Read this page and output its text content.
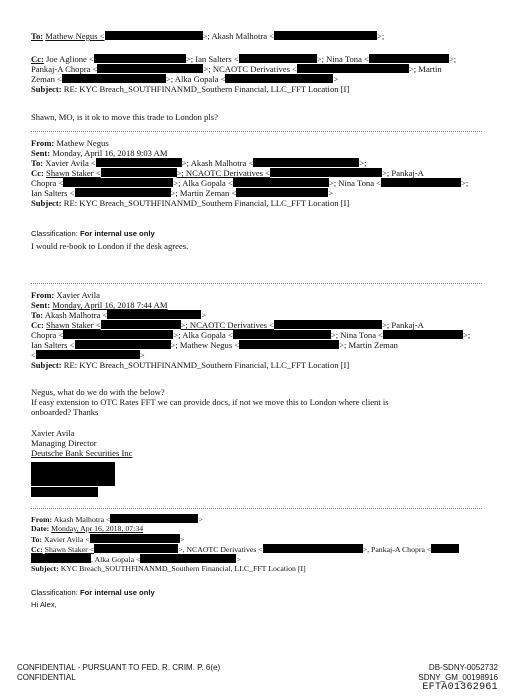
To: Mathew Negus <	>; Akash Malhotra <	>;

Cc: Joe Aglione <	>; Ian Salters <	>; Nina Tona <	>;

Pankaj-A Chopra <	>; NCAOTC Derivatives <	>; Martin

Zeman <	>; Alka Gopala <	>

Subject: RE: KYC Breach_SOUTHFINANMD_Southern Financial, LLC_FFT Location [I]

Shawn, MO, is it ok to move this trade to London pls?

From: Mathew Negus

Sent: Monday, April 16, 2018 9:03 AM

To: Xavier Avila <	>; Akash Malhotra <	>;

Cc: Shawn Staker <	>; NCAOTC Derivatives <	>; Pankaj-A

Chopra <	>; Alka Gopala <	>; Nina Tona <	>;

Ian Salters <	>; Martin Zeman <	>

Subject: RE: KYC Breach_SOUTHFINANMD_Southern Financial, LLC_FFT Location [I]

Classification: For internal use only

I would re-book to London if the desk agrees.

From: Xavier Avila

Sent: Monday, April 16, 2018 7:44 AM

To: Akash Malhotra <	>

Cc: Shawn Staker <	>; NCAOTC Derivatives <	>; Pankaj-A

Chopra <	>; Alka Gopala <	>; Nina Tona <	>;

Ian Salters <	>; Mathew Negus <	>; Martin Zeman

<	>

Subject: RE: KYC Breach_SOUTHFINANMD_Southern Financial, LLC_FFT Location [I]

Negus, what do we do with the below?

If easy extension to OTC Rates FFT we can provide docs, if not we move this to London where client is

onboarded? Thanks

Xavier Avila

Managing Director

Deutsche Bank Securities Inc

From: Akash Malhotra <	>

Date: Monday, Apr 16, 2018, 07:34

To: Xavier Avila <	>

Cc: Shawn Staker <	>, NCAOTC Derivatives <	>, Pankaj-A Chopra <

, Alka Gopala <	>

Subject: KYC Breach_SOUTHFINANMD_Southern Financial, LLC_FFT Location [I]

Classification: For internal use only

Hi Alex,

CONFIDENTIAL - PURSUANT TO FED. R. CRIM. P. 6(e)

CONFIDENTIAL

DB-SDNY-0052732

SDNY_GM_00198916

EFTA01362961
